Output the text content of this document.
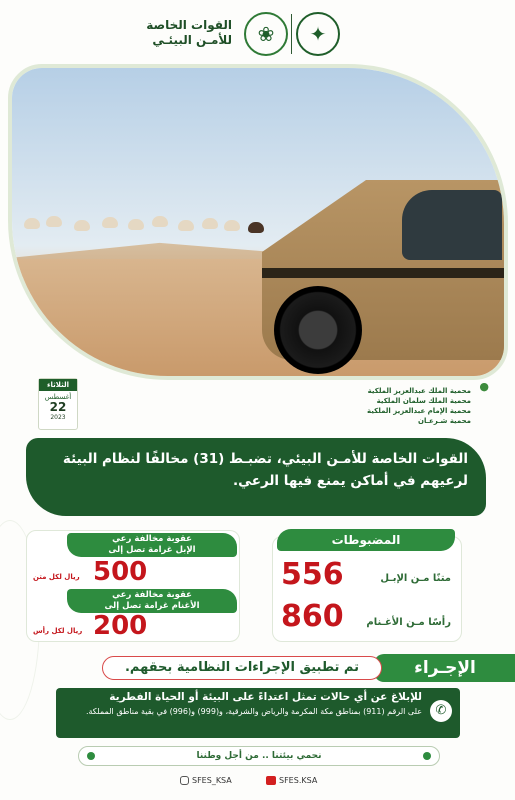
✦
❀
القوات الخاصة
للأمـن البيئـي
الثلاثاء
أغسطس
22
2023
●
محمية الملك عبدالعزيز الملكية
محمية الملك سلمان الملكية
محمية الإمام عبدالعزيز الملكية
محمية شـرعـان
القوات الخاصة للأمـن البيئي، تضبـط (31) مخالفًا لنظام البيئة لرعيهم في أماكن يمنع فيها الرعي.
عقوبة مخالفة رعي
الإبل غرامة تصل إلى
500
ريال لكل متن
عقوبة مخالفة رعي
الأغنام غرامة تصل إلى
200
ريال لكل رأس
المضبوطات
556	متنًا مـن الإبـل
860 رأسًا مـن الأغـنام
الإجـراء
تم تطبيق الإجراءات النظامية بحقهم.
✆
للإبلاغ عن أي حالات تمثل اعتداءً على البيئة أو الحياة الفطرية
على الرقم (911) بمناطق مكة المكرمة والرياض والشرقية، و(999) و(996) في بقية مناطق المملكة.
نحمي بيئتنا .. من أجل وطننا
SFES_KSA	SFES.KSA
